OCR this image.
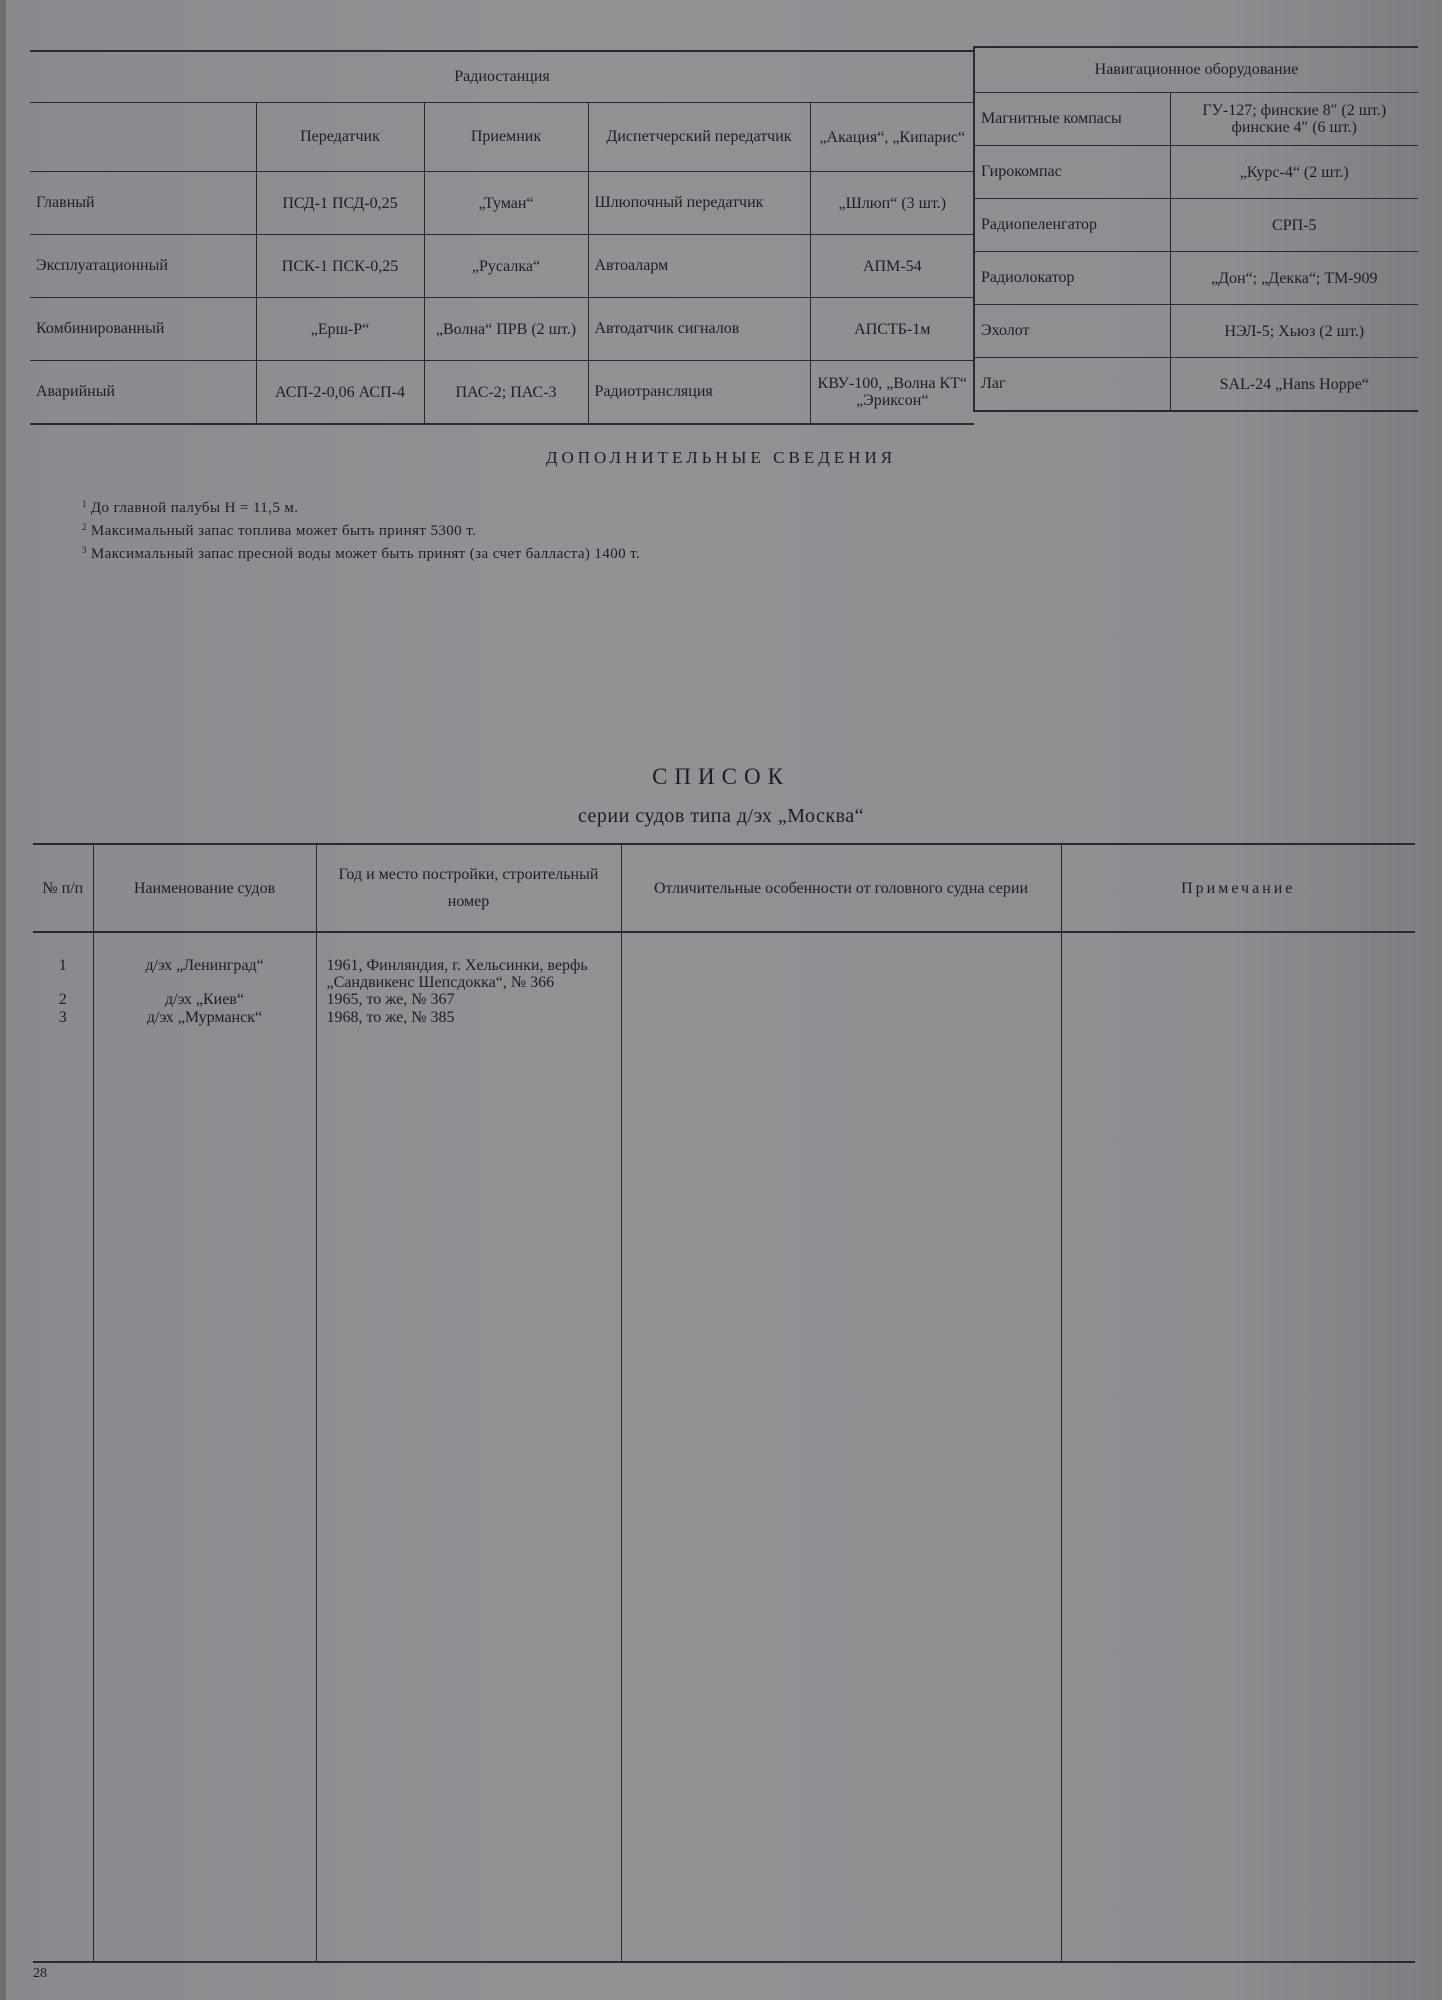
Радиостанция				
	Передатчик	Приемник	Диспетчерский передатчик	„Акация“, „Кипарис“
Главный	ПСД-1 ПСД-0,25	„Туман“	Шлюпочный передатчик	„Шлюп“ (3 шт.)
Эксплуатационный	ПСК-1 ПСК-0,25	„Русалка“	Автоаларм	АПМ-54
Комбинированный	„Ерш-Р“	„Волна“ ПРВ (2 шт.)	Автодатчик сигналов	АПСТБ-1м
Аварийный	АСП-2-0,06 АСП-4	ПАС-2; ПАС-3	Радиотрансляция	КВУ-100, „Волна КТ“ „Эриксон“
Навигационное оборудование	
Магнитные компасы	ГУ-127; финские 8″ (2 шт.) финские 4″ (6 шт.)
Гирокомпас	„Курс-4“ (2 шт.)
Радиопеленгатор	СРП-5
Радиолокатор	„Дон“; „Декка“; ТМ-909
Эхолот	НЭЛ-5; Хьюз (2 шт.)
Лаг	SAL-24 „Hans Hoppe“
ДОПОЛНИТЕЛЬНЫЕ СВЕДЕНИЯ
$^1$ До главной палубы H = 11,5 м.
$^2$ Максимальный запас топлива может быть принят 5300 т.
$^3$ Максимальный запас пресной воды может быть принят (за счет балласта) 1400 т.
СПИСОК
серии судов типа д/эх „Москва“
№ п/п	Наименование судов	Год и место постройки, строительный номер	Отличительные особенности от головного судна серии	Примечание
1	д/эх „Ленинград“	1961, Финляндия, г. Хельсинки, верфь „Сандвикенс Шепсдокка“, № 366		
2	д/эх „Киев“	1965, то же, № 367		
3	д/эх „Мурманск“	1968, то же, № 385		
28
